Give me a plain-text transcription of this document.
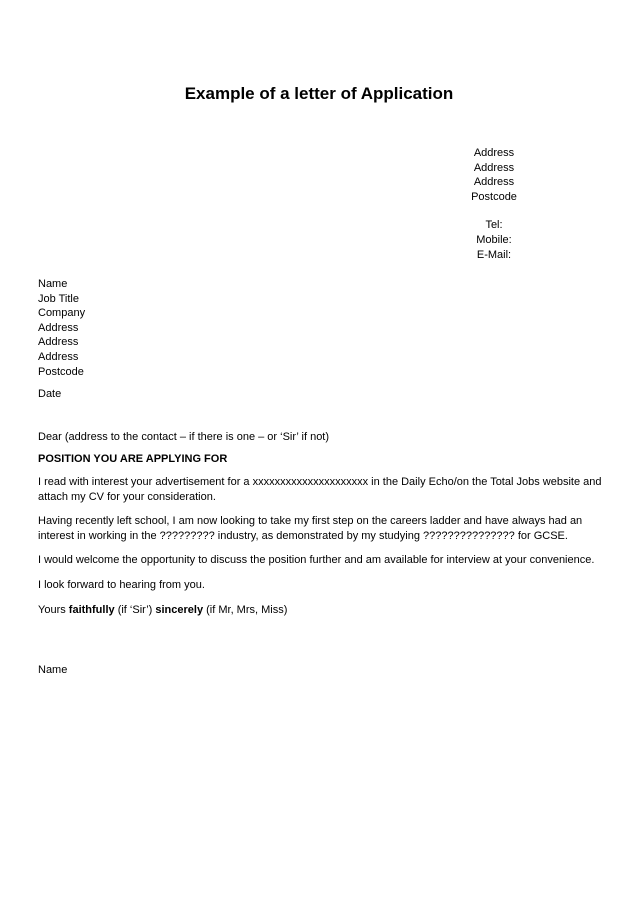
Example of a letter of Application
Address
Address
Address
Postcode
Tel:
Mobile:
E-Mail:
Name
Job Title
Company
Address
Address
Address
Postcode
Date
Dear (address to the contact – if there is one – or ‘Sir’ if not)
POSITION YOU ARE APPLYING FOR

I read with interest your advertisement for a xxxxxxxxxxxxxxxxxxxxx in the Daily Echo/on the Total Jobs website and
attach my CV for your consideration.

Having recently left school, I am now looking to take my first step on the careers ladder and have always had an
interest in working in the ????????? industry, as demonstrated by my studying ??????????????? for GCSE.

I would welcome the opportunity to discuss the position further and am available for interview at your convenience.

I look forward to hearing from you.

Yours faithfully (if ‘Sir’) sincerely (if Mr, Mrs, Miss)

Name
